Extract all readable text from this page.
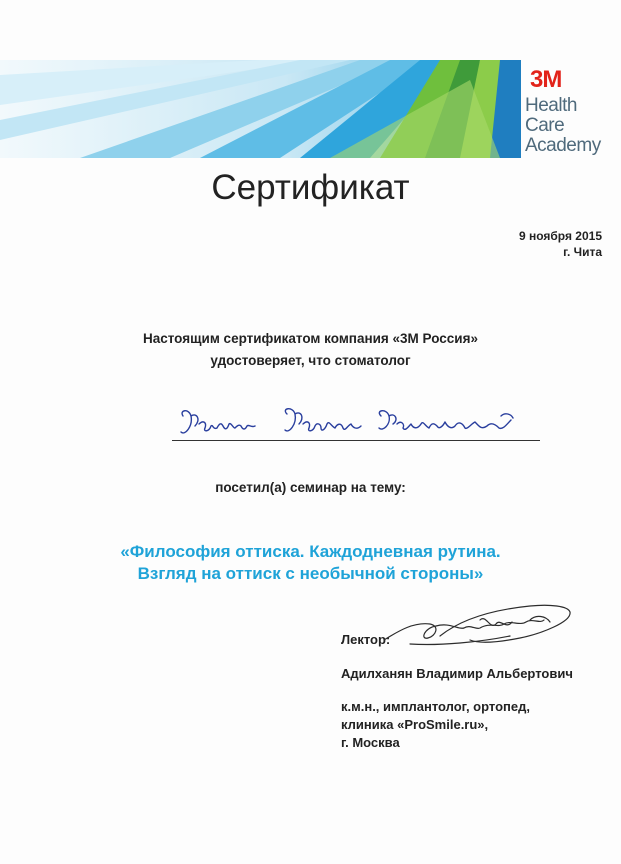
3M
Health
Care
Academy
Сертификат
9 ноября 2015
г. Чита
Настоящим сертификатом компания «3М Россия»
удостоверяет, что стоматолог
посетил(а) семинар на тему:
«Философия оттиска. Каждодневная рутина.
Взгляд на оттиск с необычной стороны»
Лектор:
Адилханян Владимир Альбертович
к.м.н., имплантолог, ортопед,
клиника «ProSmile.ru»,
г. Москва
